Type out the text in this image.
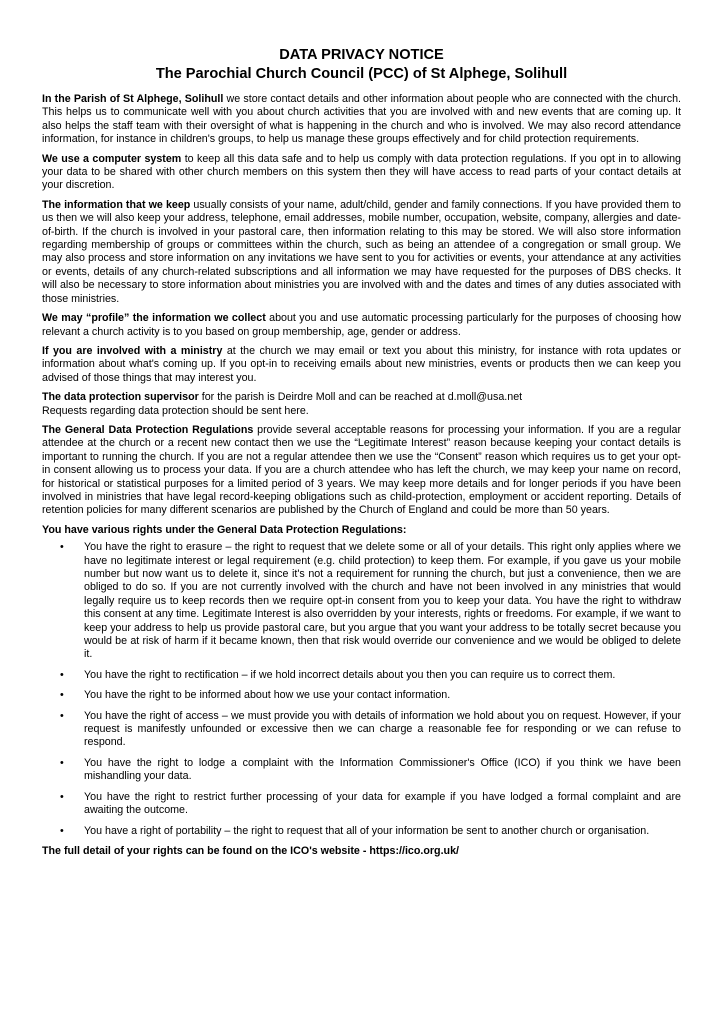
DATA PRIVACY NOTICE
The Parochial Church Council (PCC) of St Alphege, Solihull

In the Parish of St Alphege, Solihull we store contact details and other information about people who are connected with the church. This helps us to communicate well with you about church activities that you are involved with and new events that are coming up. It also helps the staff team with their oversight of what is happening in the church and who is involved. We may also record attendance information, for instance in children's groups, to help us manage these groups effectively and for child protection requirements.

We use a computer system to keep all this data safe and to help us comply with data protection regulations. If you opt in to allowing your data to be shared with other church members on this system then they will have access to read parts of your contact details at your discretion.

The information that we keep usually consists of your name, adult/child, gender and family connections. If you have provided them to us then we will also keep your address, telephone, email addresses, mobile number, occupation, website, company, allergies and date-of-birth. If the church is involved in your pastoral care, then information relating to this may be stored. We will also store information regarding membership of groups or committees within the church, such as being an attendee of a congregation or small group. We may also process and store information on any invitations we have sent to you for activities or events, your attendance at any activities or events, details of any church-related subscriptions and all information we may have requested for the purposes of DBS checks. It will also be necessary to store information about ministries you are involved with and the dates and times of any duties associated with those ministries.

We may “profile” the information we collect about you and use automatic processing particularly for the purposes of choosing how relevant a church activity is to you based on group membership, age, gender or address.

If you are involved with a ministry at the church we may email or text you about this ministry, for instance with rota updates or information about what's coming up. If you opt-in to receiving emails about new ministries, events or products then we can keep you advised of those things that may interest you.

The data protection supervisor for the parish is Deirdre Moll and can be reached at d.moll@usa.net
Requests regarding data protection should be sent here.

The General Data Protection Regulations provide several acceptable reasons for processing your information. If you are a regular attendee at the church or a recent new contact then we use the “Legitimate Interest” reason because keeping your contact details is important to running the church. If you are not a regular attendee then we use the “Consent” reason which requires us to get your opt-in consent allowing us to process your data. If you are a church attendee who has left the church, we may keep your name on record, for historical or statistical purposes for a limited period of 3 years. We may keep more details and for longer periods if you have been involved in ministries that have legal record-keeping obligations such as child-protection, employment or accident reporting. Details of retention policies for many different scenarios are published by the Church of England and could be more than 50 years.

You have various rights under the General Data Protection Regulations:

• You have the right to erasure – the right to request that we delete some or all of your details. This right only applies where we have no legitimate interest or legal requirement (e.g. child protection) to keep them. For example, if you gave us your mobile number but now want us to delete it, since it's not a requirement for running the church, but just a convenience, then we are obliged to do so. If you are not currently involved with the church and have not been involved in any ministries that would legally require us to keep records then we require opt-in consent from you to keep your data. You have the right to withdraw this consent at any time. Legitimate Interest is also overridden by your interests, rights or freedoms. For example, if we want to keep your address to help us provide pastoral care, but you argue that you want your address to be totally secret because you would be at risk of harm if it became known, then that risk would override our convenience and we would be obliged to delete it.
• You have the right to rectification – if we hold incorrect details about you then you can require us to correct them.
• You have the right to be informed about how we use your contact information.
• You have the right of access – we must provide you with details of information we hold about you on request. However, if your request is manifestly unfounded or excessive then we can charge a reasonable fee for responding or we can refuse to respond.
• You have the right to lodge a complaint with the Information Commissioner's Office (ICO) if you think we have been mishandling your data.
• You have the right to restrict further processing of your data for example if you have lodged a formal complaint and are awaiting the outcome.
• You have a right of portability – the right to request that all of your information be sent to another church or organisation.

The full detail of your rights can be found on the ICO's website - https://ico.org.uk/
